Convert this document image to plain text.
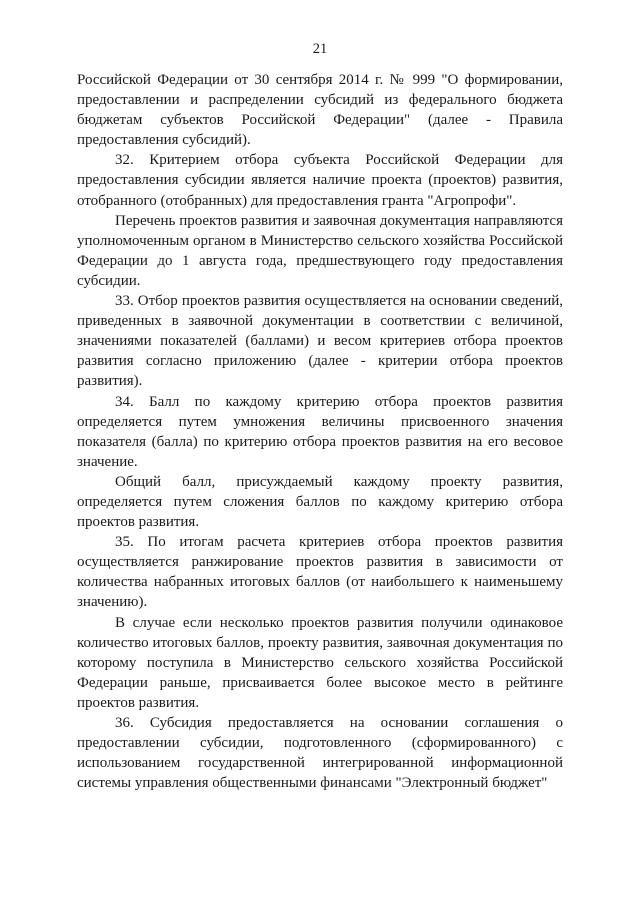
21

Российской Федерации от 30 сентября 2014 г. № 999 "О формировании, предоставлении и распределении субсидий из федерального бюджета бюджетам субъектов Российской Федерации" (далее - Правила предоставления субсидий).

32. Критерием отбора субъекта Российской Федерации для предоставления субсидии является наличие проекта (проектов) развития, отобранного (отобранных) для предоставления гранта "Агропрофи".

Перечень проектов развития и заявочная документация направляются уполномоченным органом в Министерство сельского хозяйства Российской Федерации до 1 августа года, предшествующего году предоставления субсидии.

33. Отбор проектов развития осуществляется на основании сведений, приведенных в заявочной документации в соответствии с величиной, значениями показателей (баллами) и весом критериев отбора проектов развития согласно приложению (далее - критерии отбора проектов развития).

34. Балл по каждому критерию отбора проектов развития определяется путем умножения величины присвоенного значения показателя (балла) по критерию отбора проектов развития на его весовое значение.

Общий балл, присуждаемый каждому проекту развития, определяется путем сложения баллов по каждому критерию отбора проектов развития.

35. По итогам расчета критериев отбора проектов развития осуществляется ранжирование проектов развития в зависимости от количества набранных итоговых баллов (от наибольшего к наименьшему значению).

В случае если несколько проектов развития получили одинаковое количество итоговых баллов, проекту развития, заявочная документация по которому поступила в Министерство сельского хозяйства Российской Федерации раньше, присваивается более высокое место в рейтинге проектов развития.

36. Субсидия предоставляется на основании соглашения о предоставлении субсидии, подготовленного (сформированного) с использованием государственной интегрированной информационной системы управления общественными финансами "Электронный бюджет"
